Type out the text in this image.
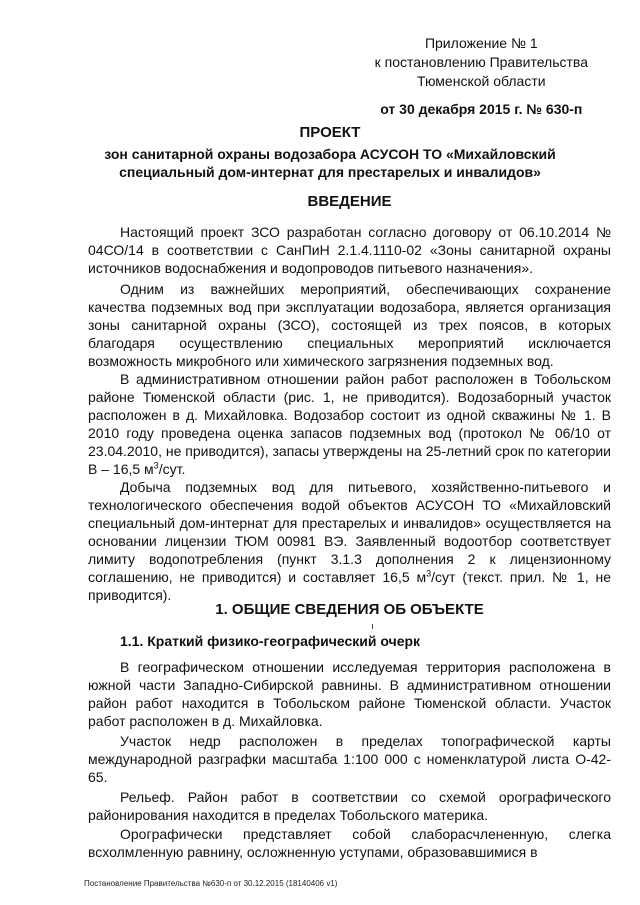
Приложение № 1
к постановлению Правительства
Тюменской области
от 30 декабря 2015 г. № 630-п
ПРОЕКТ
зон санитарной охраны водозабора АСУСОН ТО «Михайловский
специальный дом-интернат для престарелых и инвалидов»
ВВЕДЕНИЕ

Настоящий проект ЗСО разработан согласно договору от 06.10.2014 № 04СО/14 в соответствии с СанПиН 2.1.4.1110-02 «Зоны санитарной охраны источников водоснабжения и водопроводов питьевого назначения».

Одним из важнейших мероприятий, обеспечивающих сохранение качества подземных вод при эксплуатации водозабора, является организация зоны санитарной охраны (ЗСО), состоящей из трех поясов, в которых благодаря осуществлению специальных мероприятий исключается возможность микробного или химического загрязнения подземных вод.

В административном отношении район работ расположен в Тобольском районе Тюменской области (рис. 1, не приводится). Водозаборный участок расположен в д. Михайловка. Водозабор состоит из одной скважины № 1. В 2010 году проведена оценка запасов подземных вод (протокол № 06/10 от 23.04.2010, не приводится), запасы утверждены на 25-летний срок по категории В – 16,5 $м^3$/сут.

Добыча подземных вод для питьевого, хозяйственно-питьевого и технологического обеспечения водой объектов АСУСОН ТО «Михайловский специальный дом-интернат для престарелых и инвалидов» осуществляется на основании лицензии ТЮМ 00981 ВЭ. Заявленный водоотбор соответствует лимиту водопотребления (пункт 3.1.3 дополнения 2 к лицензионному соглашению, не приводится) и составляет 16,5 $м^3$/сут (текст. прил. № 1, не приводится).

1. ОБЩИЕ СВЕДЕНИЯ ОБ ОБЪЕКТЕ
1.1. Краткий физико-географический очерк

В географическом отношении исследуемая территория расположена в южной части Западно-Сибирской равнины. В административном отношении район работ находится в Тобольском районе Тюменской области. Участок работ расположен в д. Михайловка.

Участок недр расположен в пределах топографической карты международной разграфки масштаба 1:100 000 с номенклатурой листа О-42-65.

Рельеф. Район работ в соответствии со схемой орографического районирования находится в пределах Тобольского материка.

Орографически представляет собой слаборасчлененную, слегка всхолмленную равнину, осложненную уступами, образовавшимися в

Постановление Правительства №630-п от 30.12.2015 (18140406 v1)
